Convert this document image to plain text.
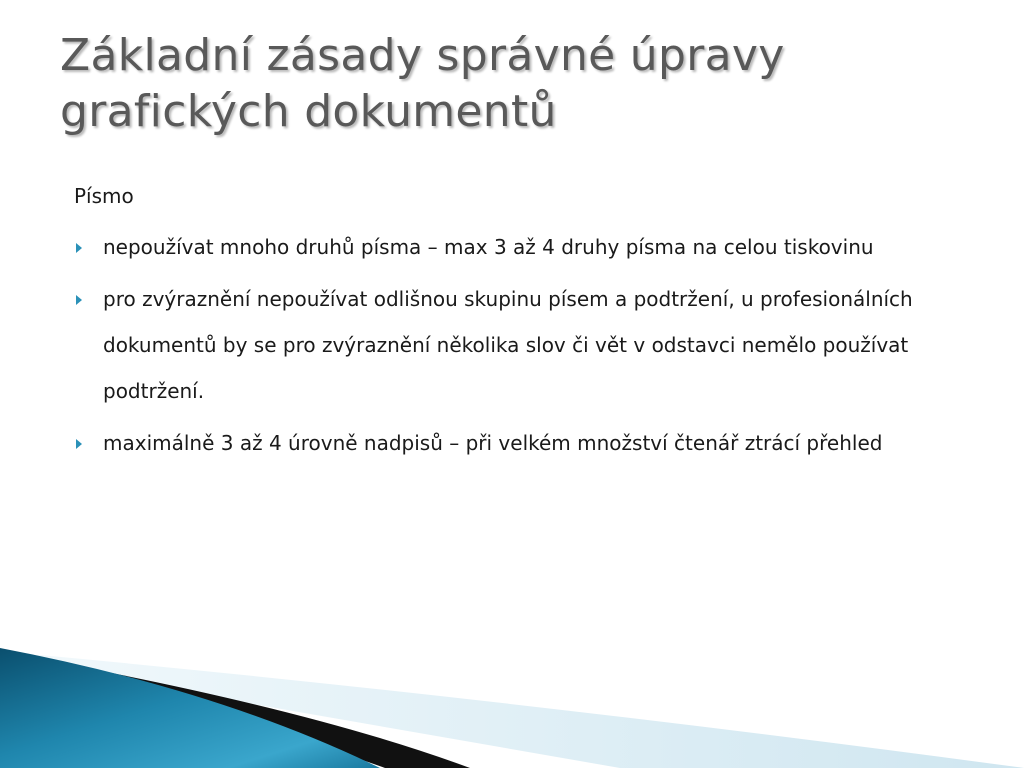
Základní zásady správné úpravy grafických dokumentů
Písmo
nepoužívat mnoho druhů písma – max 3 až 4 druhy písma na celou tiskovinu
pro zvýraznění nepoužívat odlišnou skupinu písem a podtržení, u profesionálních dokumentů by se pro zvýraznění několika slov či vět v odstavci nemělo používat podtržení.
maximálně 3 až 4 úrovně nadpisů – při velkém množství čtenář ztrácí přehled
